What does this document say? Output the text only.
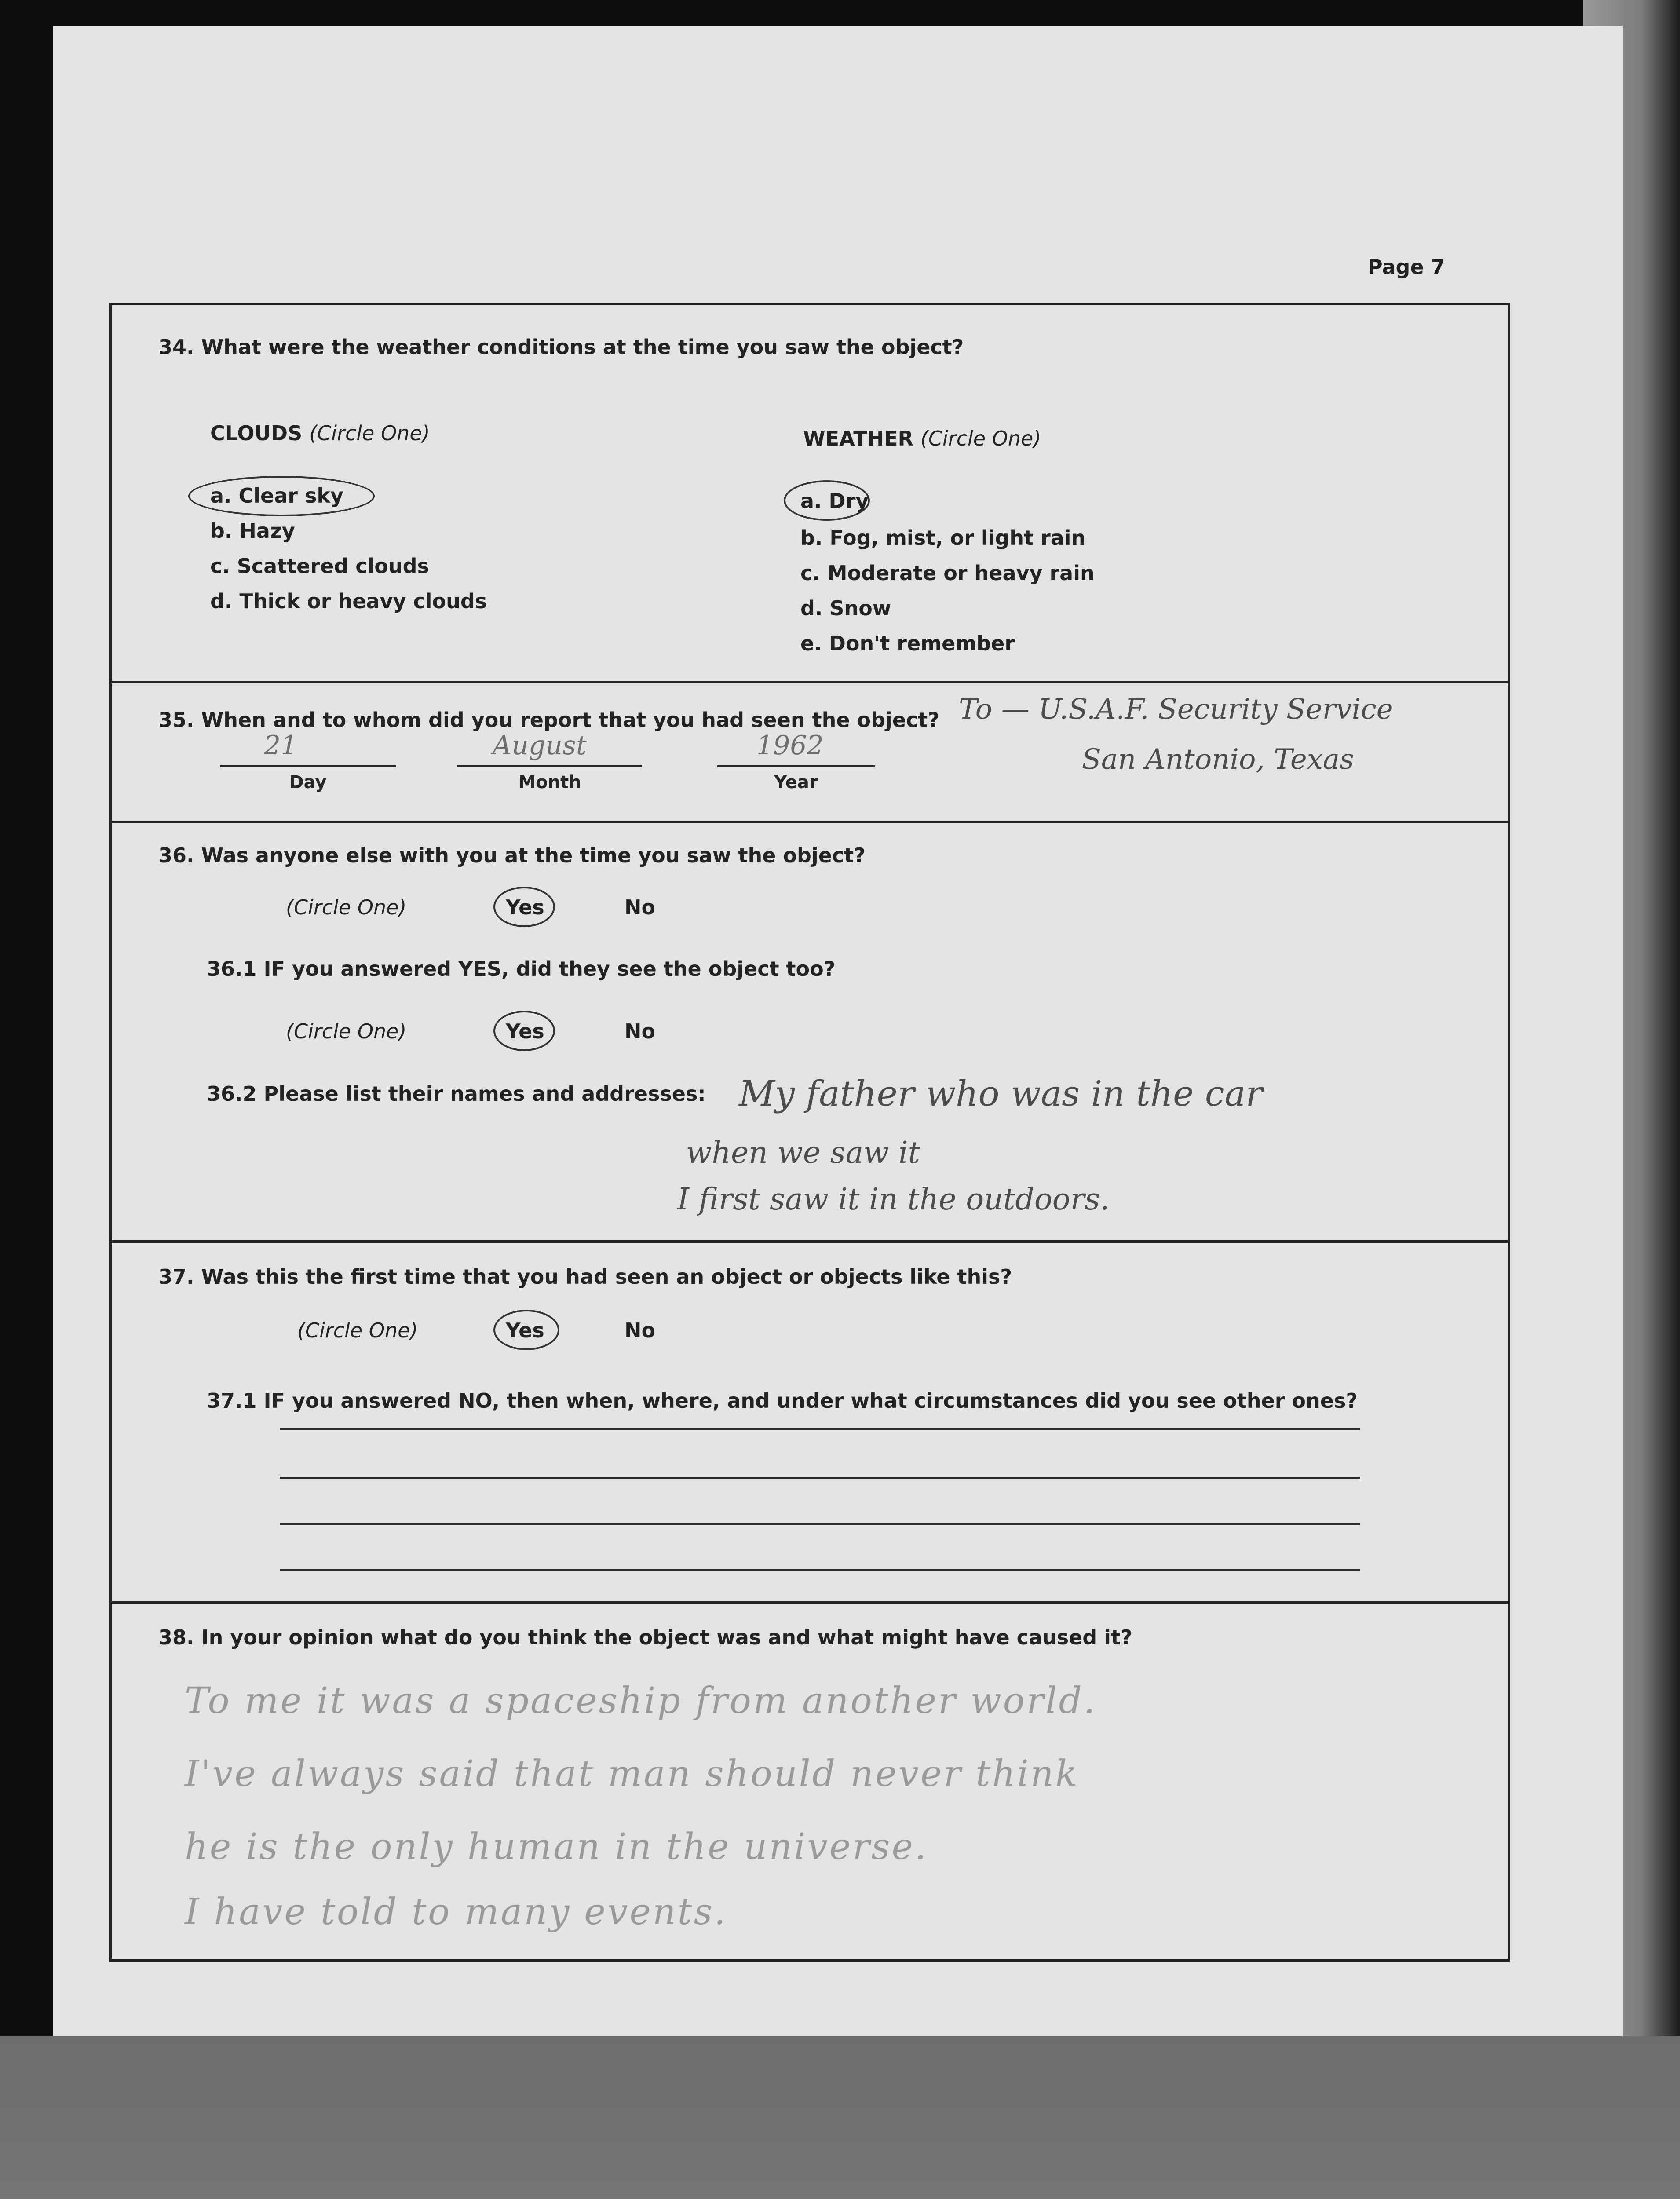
Page 7
34. What were the weather conditions at the time you saw the object?
CLOUDS (Circle One)
a. Clear sky
b. Hazy
c. Scattered clouds
d. Thick or heavy clouds
WEATHER (Circle One)
a. Dry
b. Fog, mist, or light rain
c. Moderate or heavy rain
d. Snow
e. Don't remember
35. When and to whom did you report that you had seen the object?
21	August	1962
Day	Month	Year
To — U.S.A.F. Security Service
San Antonio, Texas
36. Was anyone else with you at the time you saw the object?
(Circle One)	Yes	No
36.1 IF you answered YES, did they see the object too?
(Circle One)	Yes	No
36.2 Please list their names and addresses: My father who was in the car
when we saw it
I first saw it in the outdoors.
37. Was this the first time that you had seen an object or objects like this?
(Circle One)	Yes	No
37.1 IF you answered NO, then when, where, and under what circumstances did you see other ones?
38. In your opinion what do you think the object was and what might have caused it?
To me it was a spaceship from another world.
I've always said that man should never think
he is the only human in the universe.
I have told to many events.
